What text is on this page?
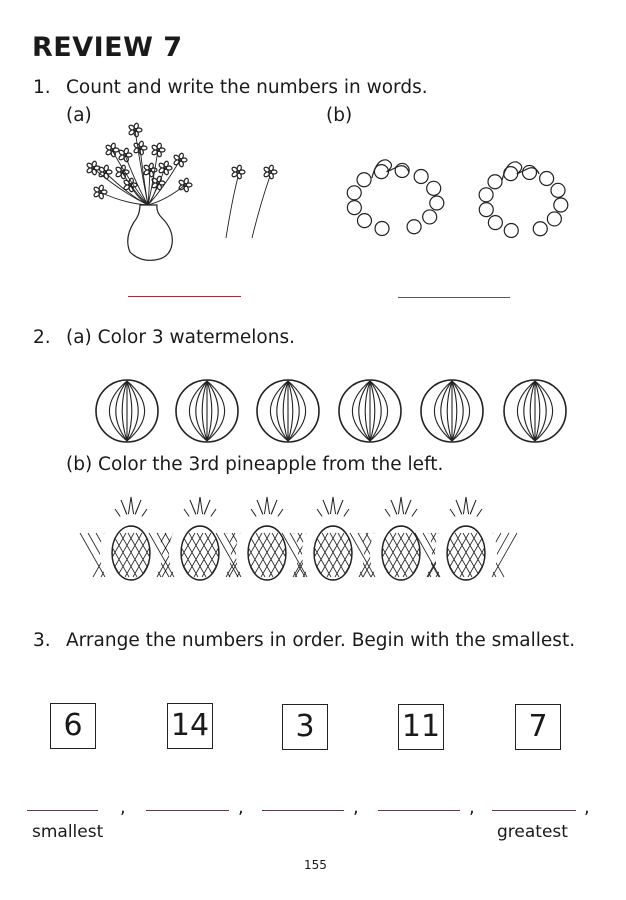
REVIEW 7
1. Count and write the numbers in words.
(a)	(b)
2. (a) Color 3 watermelons.
(b) Color the 3rd pineapple from the left.
3. Arrange the numbers in order. Begin with the smallest.
6	14	3	11	7
,	,	,	,	,
smallest	greatest
155
